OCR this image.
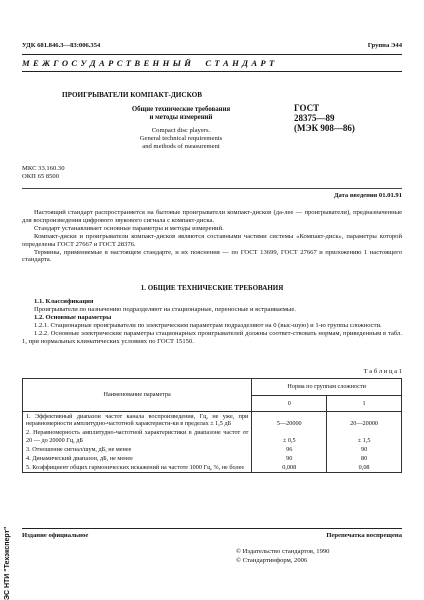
УДК 681.846.3—83:006.354	Группа Э44
М Е Ж Г О С У Д А Р С Т В Е Н Н Ы Й     С Т А Н Д А Р Т
ПРОИГРЫВАТЕЛИ КОМПАКТ-ДИСКОВ
Общие технические требования
и методы измерений
Compact disc players.
General technical requirements
and methods of measurement
ГОСТ
28375—89
(МЭК 908—86)
МКС 33.160.30
ОКП 65 8500
Дата введения 01.01.91

Настоящий стандарт распространяется на бытовые проигрыватели компакт-дисков (да-лее — проигрыватели), предназначенные для воспроизведения цифрового звукового сигнала с компакт-диска.

Стандарт устанавливает основные параметры и методы измерений.

Компакт-диски и проигрыватели компакт-дисков являются составными частями системы «Компакт-диск», параметры которой определены ГОСТ 27667 и ГОСТ 28376.

Термины, применяемые в настоящем стандарте, и их пояснения — по ГОСТ 13699, ГОСТ 27667 и приложению 1 настоящего стандарта.

1. ОБЩИЕ ТЕХНИЧЕСКИЕ ТРЕБОВАНИЯ

1.1. Классификация

Проигрыватели по назначению подразделяют на стационарные, переносные и встраиваемые.

1.2. Основные параметры

1.2.1. Стационарные проигрыватели по электрическим параметрам подразделяют на 0 (выс-шую) и 1-ю группы сложности.

1.2.2. Основные электрические параметры стационарных проигрывателей должны соответ-ствовать нормам, приведенным в табл. 1, при нормальных климатических условиях по ГОСТ 15150.

Т а б л и ц а 1
Наименование параметра	Норма по группам сложности	
	0	1
1. Эффективный диапазон частот канала воспроизведения, Гц, не уже, при неравномерности амплитудно-частотной характеристи-ки в пределах ± 1,5 дБ	5—20000	20—20000
2. Неравномерность амплитудно-частотной характеристики в диапазоне частот от 20 — до 20000 Гц, дБ	± 0,5	± 1,5
3. Отношение сигнал/шум, дБ, не менее	96	90
4. Динамический диапазон, дБ, не менее	90	80
5. Коэффициент общих гармонических искажений на частоте 1000 Гц, %, не более	0,008	0,08
Издание официальное	Перепечатка воспрещена
© Издательство стандартов, 1990
© Стандартинформ, 2006
ЭС НТИ "Техэксперт"
